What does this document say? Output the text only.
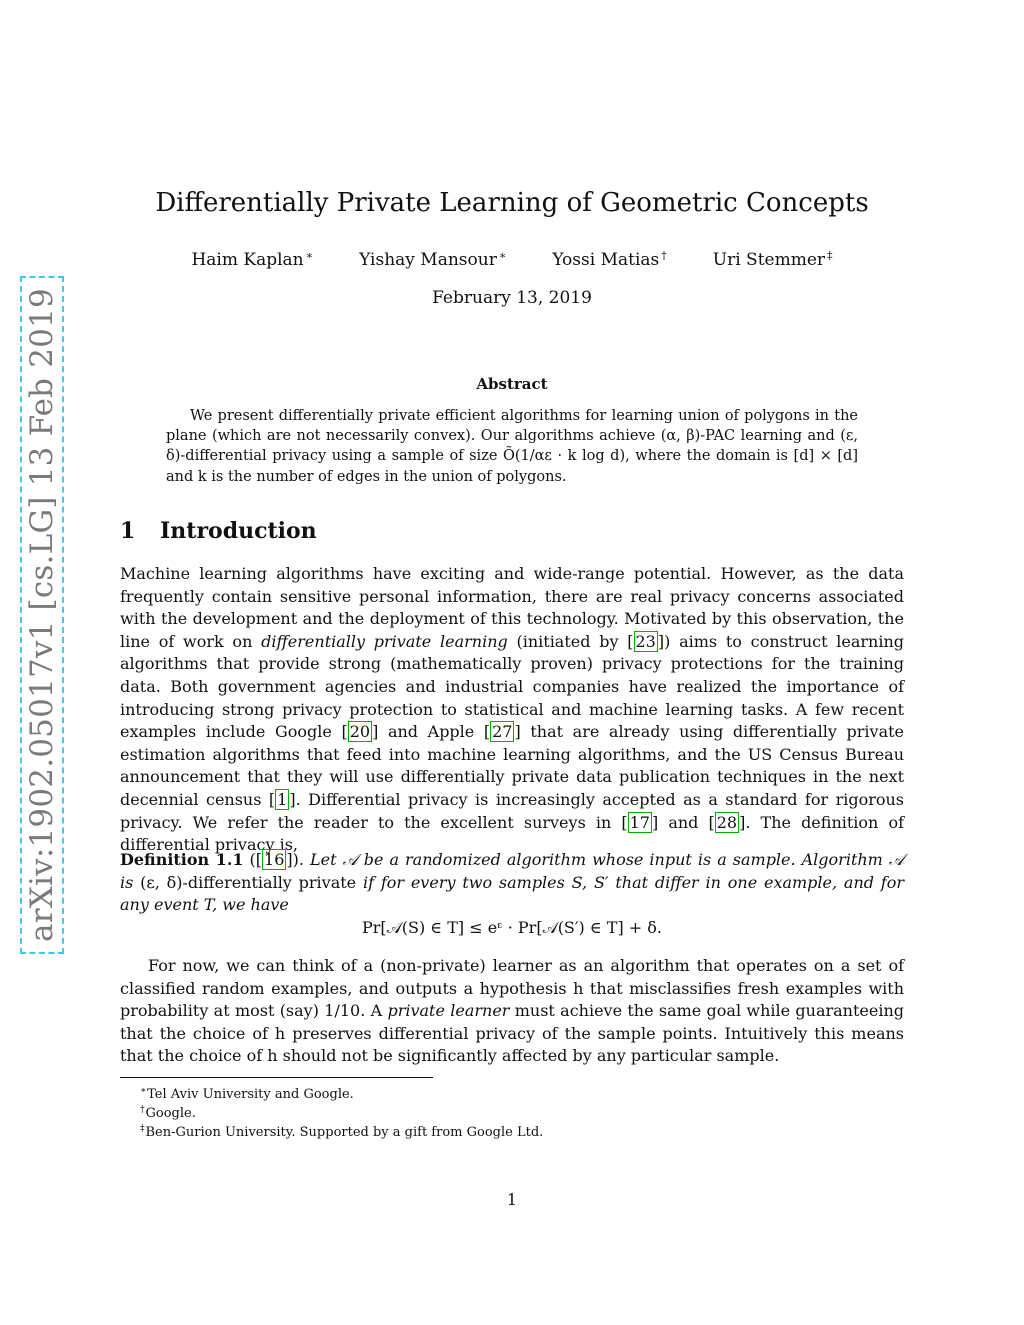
arXiv:1902.05017v1 [cs.LG] 13 Feb 2019
Differentially Private Learning of Geometric Concepts
Haim Kaplan ∗	Yishay Mansour ∗	Yossi Matias †	Uri Stemmer ‡
February 13, 2019
Abstract

We present differentially private efficient algorithms for learning union of polygons in the plane (which are not necessarily convex). Our algorithms achieve (α, β)-PAC learning and (ε, δ)-differential privacy using a sample of size Õ(1/αε · k log d), where the domain is [d] × [d] and k is the number of edges in the union of polygons.

1 Introduction

Machine learning algorithms have exciting and wide-range potential. However, as the data frequently contain sensitive personal information, there are real privacy concerns associated with the development and the deployment of this technology. Motivated by this observation, the line of work on differentially private learning (initiated by [ 23 ]) aims to construct learning algorithms that provide strong (mathematically proven) privacy protections for the training data. Both government agencies and industrial companies have realized the importance of introducing strong privacy protection to statistical and machine learning tasks. A few recent examples include Google [ 20 ] and Apple [ 27 ] that are already using differentially private estimation algorithms that feed into machine learning algorithms, and the US Census Bureau announcement that they will use differentially private data publication techniques in the next decennial census [ 1 ]. Differential privacy is increasingly accepted as a standard for rigorous privacy. We refer the reader to the excellent surveys in [ 17 ] and [ 28 ]. The definition of differential privacy is,

Definition 1.1 ([ 16 ]). Let 𝒜 be a randomized algorithm whose input is a sample. Algorithm 𝒜 is (ε, δ)-differentially private if for every two samples S, S′ that differ in one example, and for any event T, we have

Pr[𝒜(S) ∈ T] ≤ eᵋ · Pr[𝒜(S′) ∈ T] + δ.

For now, we can think of a (non-private) learner as an algorithm that operates on a set of classified random examples, and outputs a hypothesis h that misclassifies fresh examples with probability at most (say) 1/10. A private learner must achieve the same goal while guaranteeing that the choice of h preserves differential privacy of the sample points. Intuitively this means that the choice of h should not be significantly affected by any particular sample.

∗Tel Aviv University and Google.
†Google.
‡Ben-Gurion University. Supported by a gift from Google Ltd.
1
